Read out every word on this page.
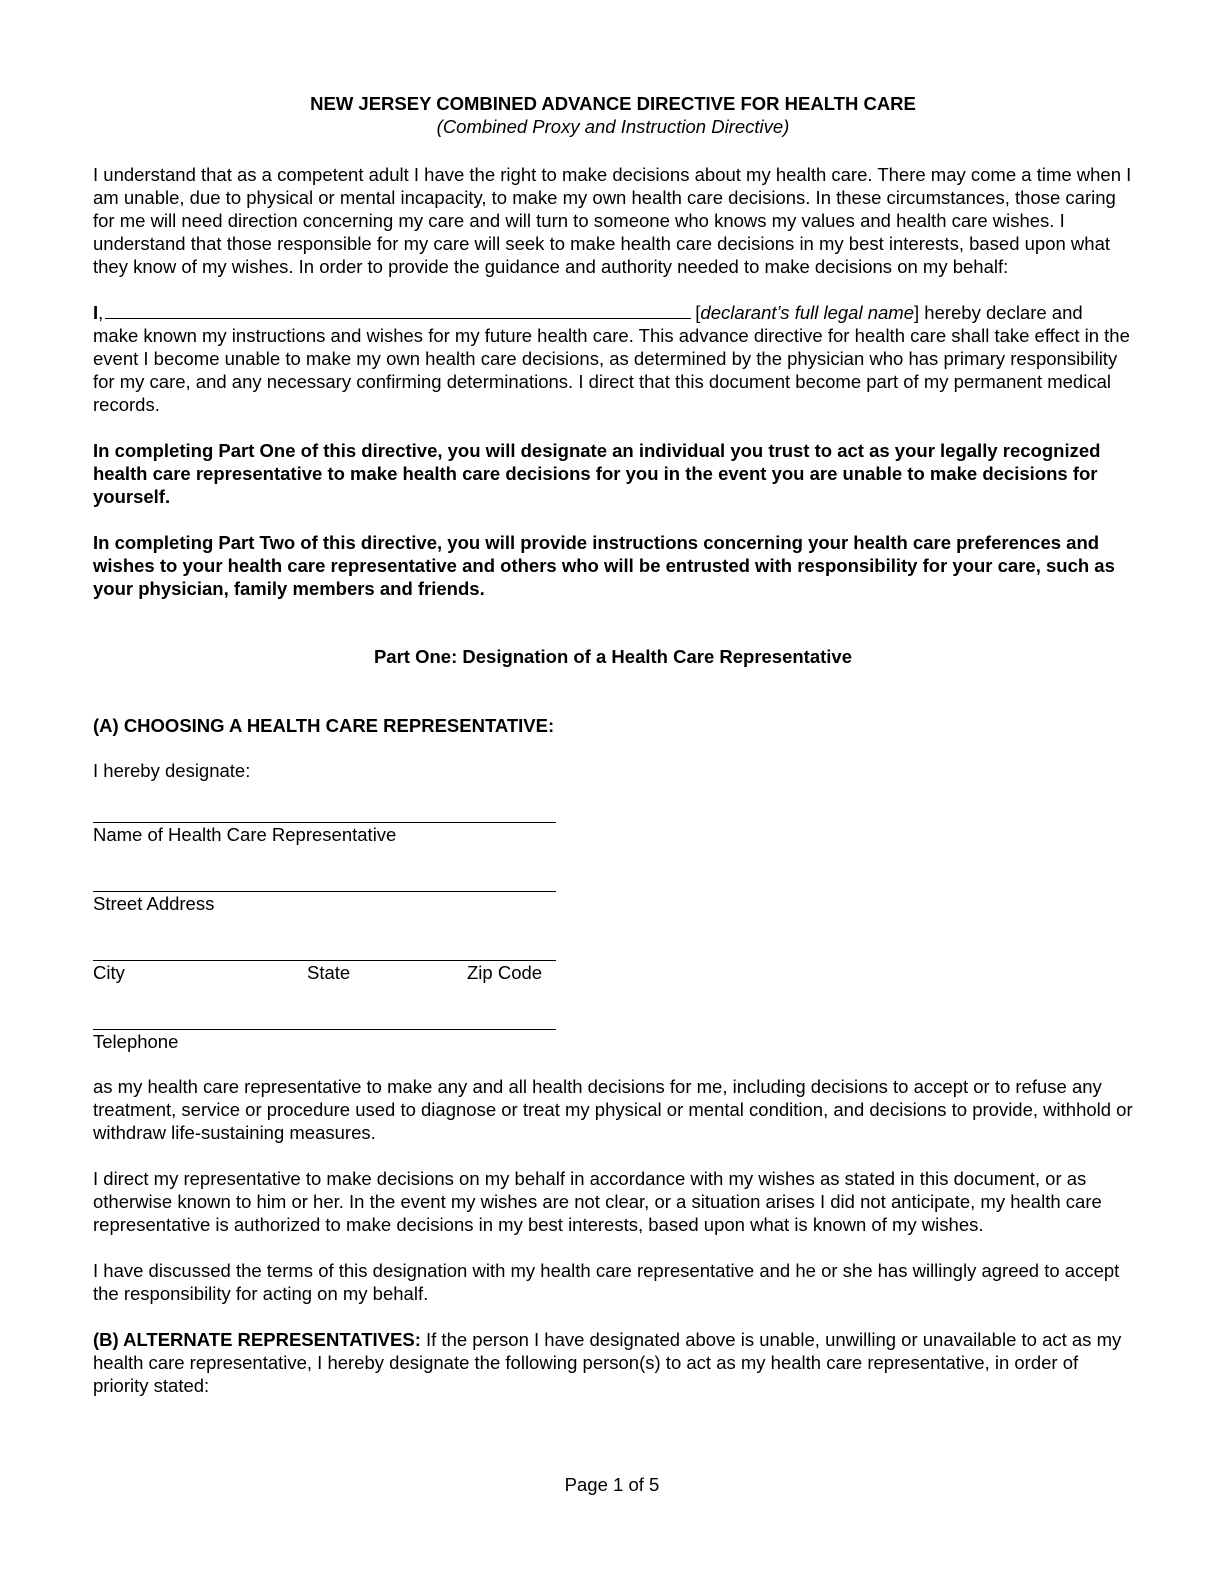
NEW JERSEY COMBINED ADVANCE DIRECTIVE FOR HEALTH CARE

(Combined Proxy and Instruction Directive)

I understand that as a competent adult I have the right to make decisions about my health care. There may come a time when I am unable, due to physical or mental incapacity, to make my own health care decisions. In these circumstances, those caring for me will need direction concerning my care and will turn to someone who knows my values and health care wishes. I understand that those responsible for my care will seek to make health care decisions in my best interests, based upon what they know of my wishes. In order to provide the guidance and authority needed to make decisions on my behalf:

I,	[declarant’s full legal name] hereby declare and make known my instructions and wishes for my future health care. This advance directive for health care shall take effect in the event I become unable to make my own health care decisions, as determined by the physician who has primary responsibility for my care, and any necessary confirming determinations. I direct that this document become part of my permanent medical records.

In completing Part One of this directive, you will designate an individual you trust to act as your legally recognized health care representative to make health care decisions for you in the event you are unable to make decisions for yourself.

In completing Part Two of this directive, you will provide instructions concerning your health care preferences and wishes to your health care representative and others who will be entrusted with responsibility for your care, such as your physician, family members and friends.

Part One: Designation of a Health Care Representative

(A) CHOOSING A HEALTH CARE REPRESENTATIVE:

I hereby designate:

Name of Health Care Representative
Street Address
City	State	Zip Code
Telephone

as my health care representative to make any and all health decisions for me, including decisions to accept or to refuse any treatment, service or procedure used to diagnose or treat my physical or mental condition, and decisions to provide, withhold or withdraw life-sustaining measures.

I direct my representative to make decisions on my behalf in accordance with my wishes as stated in this document, or as otherwise known to him or her. In the event my wishes are not clear, or a situation arises I did not anticipate, my health care representative is authorized to make decisions in my best interests, based upon what is known of my wishes.

I have discussed the terms of this designation with my health care representative and he or she has willingly agreed to accept the responsibility for acting on my behalf.

(B) ALTERNATE REPRESENTATIVES: If the person I have designated above is unable, unwilling or unavailable to act as my health care representative, I hereby designate the following person(s) to act as my health care representative, in order of priority stated:

Page 1 of 5
